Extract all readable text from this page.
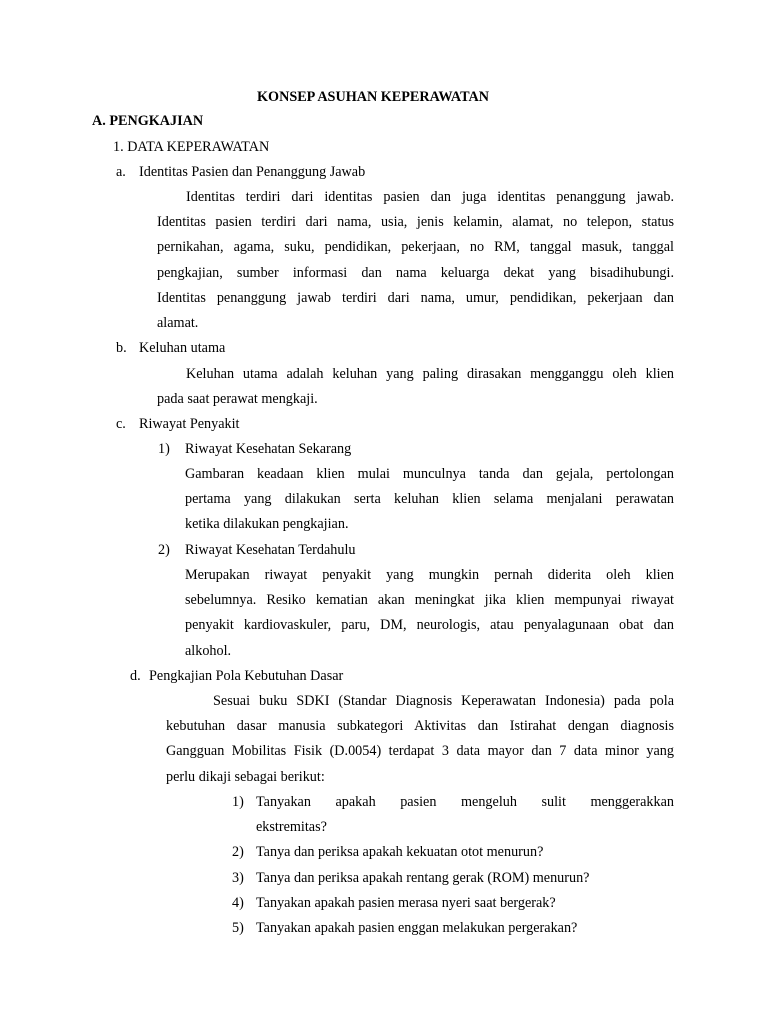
KONSEP ASUHAN KEPERAWATAN
A. PENGKAJIAN
1. DATA KEPERAWATAN
a. Identitas Pasien dan Penanggung Jawab
Identitas terdiri dari identitas pasien dan juga identitas penanggung jawab.
Identitas pasien terdiri dari nama, usia, jenis kelamin, alamat, no telepon, status
pernikahan, agama, suku, pendidikan, pekerjaan, no RM, tanggal masuk, tanggal
pengkajian, sumber informasi dan nama keluarga dekat yang bisadihubungi.
Identitas penanggung jawab terdiri dari nama, umur, pendidikan, pekerjaan dan
alamat.
b. Keluhan utama
Keluhan utama adalah keluhan yang paling dirasakan mengganggu oleh klien
pada saat perawat mengkaji.
c. Riwayat Penyakit
1) Riwayat Kesehatan Sekarang
Gambaran keadaan klien mulai munculnya tanda dan gejala, pertolongan
pertama yang dilakukan serta keluhan klien selama menjalani perawatan
ketika dilakukan pengkajian.
2) Riwayat Kesehatan Terdahulu
Merupakan riwayat penyakit yang mungkin pernah diderita oleh klien
sebelumnya. Resiko kematian akan meningkat jika klien mempunyai riwayat
penyakit kardiovaskuler, paru, DM, neurologis, atau penyalagunaan obat dan
alkohol.
d. Pengkajian Pola Kebutuhan Dasar
Sesuai buku SDKI (Standar Diagnosis Keperawatan Indonesia) pada pola
kebutuhan dasar manusia subkategori Aktivitas dan Istirahat dengan diagnosis
Gangguan Mobilitas Fisik (D.0054) terdapat 3 data mayor dan 7 data minor yang
perlu dikaji sebagai berikut:
1) Tanyakan apakah pasien mengeluh sulit menggerakkan
ekstremitas?
2) Tanya dan periksa apakah kekuatan otot menurun?
3) Tanya dan periksa apakah rentang gerak (ROM) menurun?
4) Tanyakan apakah pasien merasa nyeri saat bergerak?
5) Tanyakan apakah pasien enggan melakukan pergerakan?
